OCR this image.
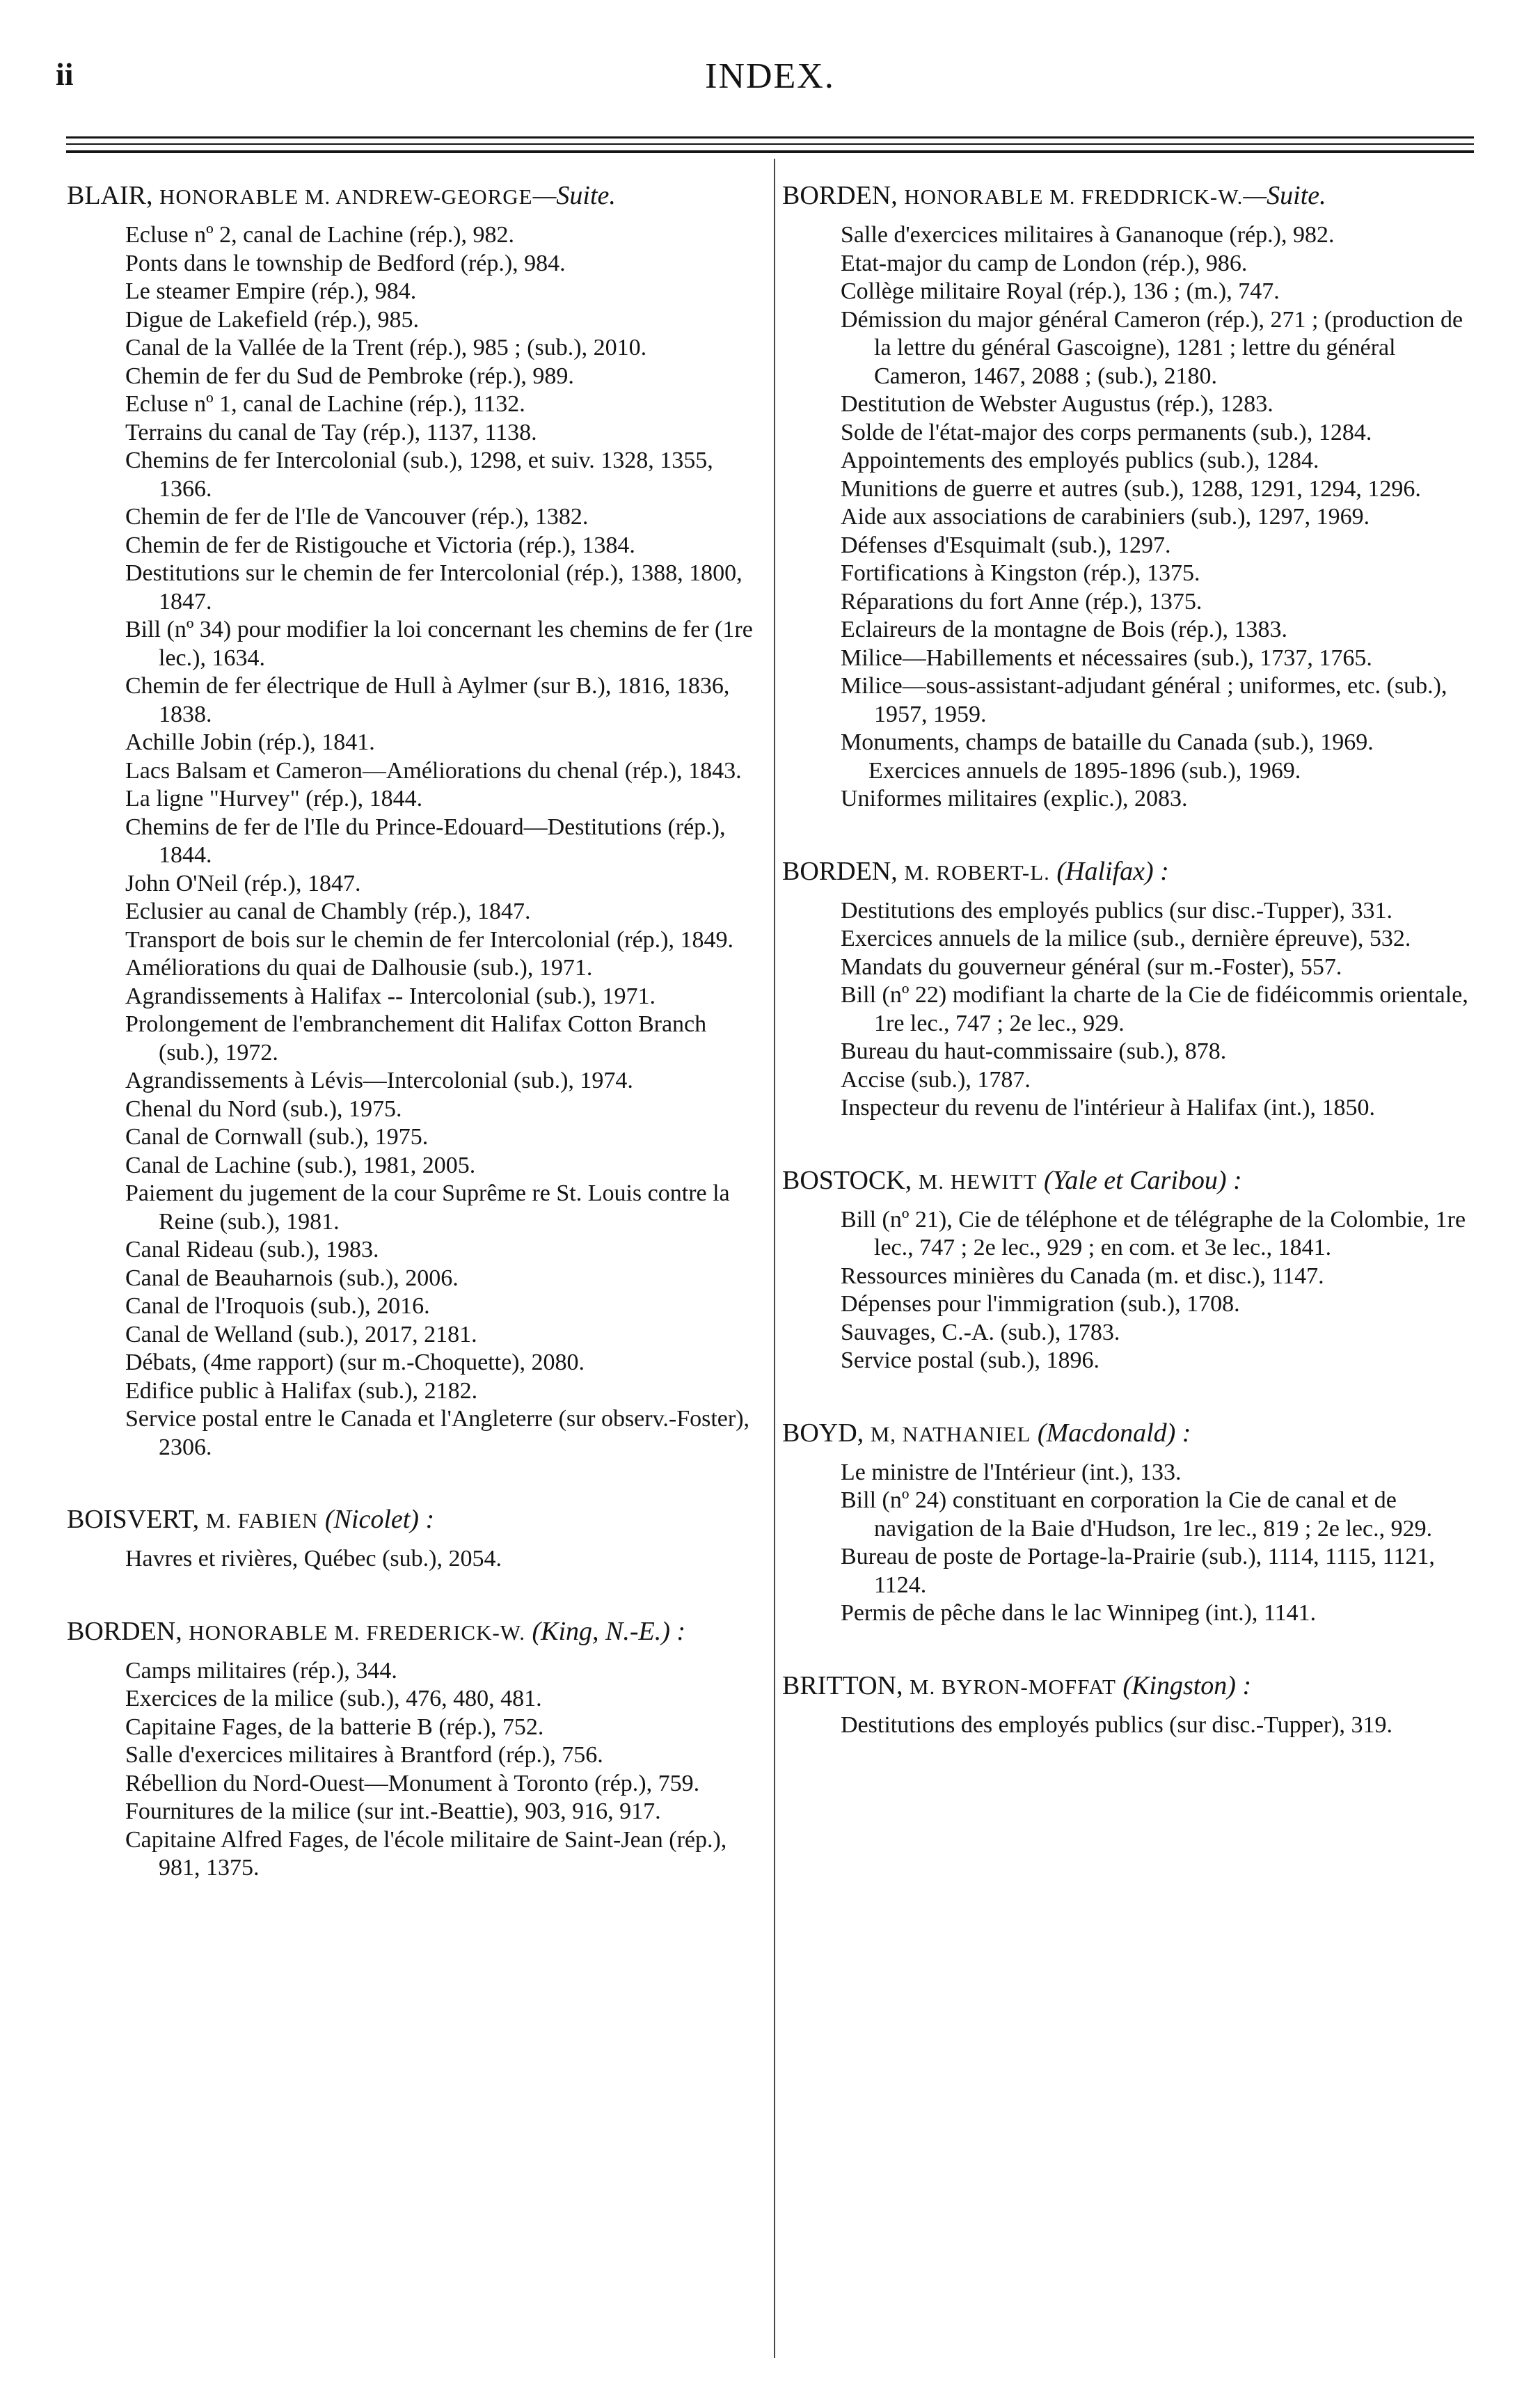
ii	INDEX.
BLAIR, HONORABLE M. ANDREW-GEORGE—Suite.
Ecluse nº 2, canal de Lachine (rép.), 982.
Ponts dans le township de Bedford (rép.), 984.
Le steamer Empire (rép.), 984.
Digue de Lakefield (rép.), 985.
Canal de la Vallée de la Trent (rép.), 985 ; (sub.), 2010.
Chemin de fer du Sud de Pembroke (rép.), 989.
Ecluse nº 1, canal de Lachine (rép.), 1132.
Terrains du canal de Tay (rép.), 1137, 1138.
Chemins de fer Intercolonial (sub.), 1298, et suiv. 1328, 1355, 1366.
Chemin de fer de l'Ile de Vancouver (rép.), 1382.
Chemin de fer de Ristigouche et Victoria (rép.), 1384.
Destitutions sur le chemin de fer Intercolonial (rép.), 1388, 1800, 1847.
Bill (nº 34) pour modifier la loi concernant les chemins de fer (1re lec.), 1634.
Chemin de fer électrique de Hull à Aylmer (sur B.), 1816, 1836, 1838.
Achille Jobin (rép.), 1841.
Lacs Balsam et Cameron—Améliorations du chenal (rép.), 1843.
La ligne "Hurvey" (rép.), 1844.
Chemins de fer de l'Ile du Prince-Edouard—Destitutions (rép.), 1844.
John O'Neil (rép.), 1847.
Eclusier au canal de Chambly (rép.), 1847.
Transport de bois sur le chemin de fer Intercolonial (rép.), 1849.
Améliorations du quai de Dalhousie (sub.), 1971.
Agrandissements à Halifax -- Intercolonial (sub.), 1971.
Prolongement de l'embranchement dit Halifax Cotton Branch (sub.), 1972.
Agrandissements à Lévis—Intercolonial (sub.), 1974.
Chenal du Nord (sub.), 1975.
Canal de Cornwall (sub.), 1975.
Canal de Lachine (sub.), 1981, 2005.
Paiement du jugement de la cour Suprême re St. Louis contre la Reine (sub.), 1981.
Canal Rideau (sub.), 1983.
Canal de Beauharnois (sub.), 2006.
Canal de l'Iroquois (sub.), 2016.
Canal de Welland (sub.), 2017, 2181.
Débats, (4me rapport) (sur m.-Choquette), 2080.
Edifice public à Halifax (sub.), 2182.
Service postal entre le Canada et l'Angleterre (sur observ.-Foster), 2306.
BOISVERT, M. FABIEN (Nicolet) :
Havres et rivières, Québec (sub.), 2054.
BORDEN, HONORABLE M. FREDERICK-W. (King, N.-E.) :
Camps militaires (rép.), 344.
Exercices de la milice (sub.), 476, 480, 481.
Capitaine Fages, de la batterie B (rép.), 752.
Salle d'exercices militaires à Brantford (rép.), 756.
Rébellion du Nord-Ouest—Monument à Toronto (rép.), 759.
Fournitures de la milice (sur int.-Beattie), 903, 916, 917.
Capitaine Alfred Fages, de l'école militaire de Saint-Jean (rép.), 981, 1375.
BORDEN, HONORABLE M. FREDDRICK-W.—Suite.
Salle d'exercices militaires à Gananoque (rép.), 982.
Etat-major du camp de London (rép.), 986.
Collège militaire Royal (rép.), 136 ; (m.), 747.
Démission du major général Cameron (rép.), 271 ; (production de la lettre du général Gascoigne), 1281 ; lettre du général Cameron, 1467, 2088 ; (sub.), 2180.
Destitution de Webster Augustus (rép.), 1283.
Solde de l'état-major des corps permanents (sub.), 1284.
Appointements des employés publics (sub.), 1284.
Munitions de guerre et autres (sub.), 1288, 1291, 1294, 1296.
Aide aux associations de carabiniers (sub.), 1297, 1969.
Défenses d'Esquimalt (sub.), 1297.
Fortifications à Kingston (rép.), 1375.
Réparations du fort Anne (rép.), 1375.
Eclaireurs de la montagne de Bois (rép.), 1383.
Milice—Habillements et nécessaires (sub.), 1737, 1765.
Milice—sous-assistant-adjudant général ; uniformes, etc. (sub.), 1957, 1959.
Monuments, champs de bataille du Canada (sub.), 1969.
Exercices annuels de 1895-1896 (sub.), 1969.
Uniformes militaires (explic.), 2083.
BORDEN, M. ROBERT-L. (Halifax) :
Destitutions des employés publics (sur disc.-Tupper), 331.
Exercices annuels de la milice (sub., dernière épreuve), 532.
Mandats du gouverneur général (sur m.-Foster), 557.
Bill (nº 22) modifiant la charte de la Cie de fidéicommis orientale, 1re lec., 747 ; 2e lec., 929.
Bureau du haut-commissaire (sub.), 878.
Accise (sub.), 1787.
Inspecteur du revenu de l'intérieur à Halifax (int.), 1850.
BOSTOCK, M. HEWITT (Yale et Caribou) :
Bill (nº 21), Cie de téléphone et de télégraphe de la Colombie, 1re lec., 747 ; 2e lec., 929 ; en com. et 3e lec., 1841.
Ressources minières du Canada (m. et disc.), 1147.
Dépenses pour l'immigration (sub.), 1708.
Sauvages, C.-A. (sub.), 1783.
Service postal (sub.), 1896.
BOYD, M, NATHANIEL (Macdonald) :
Le ministre de l'Intérieur (int.), 133.
Bill (nº 24) constituant en corporation la Cie de canal et de navigation de la Baie d'Hudson, 1re lec., 819 ; 2e lec., 929.
Bureau de poste de Portage-la-Prairie (sub.), 1114, 1115, 1121, 1124.
Permis de pêche dans le lac Winnipeg (int.), 1141.
BRITTON, M. BYRON-MOFFAT (Kingston) :
Destitutions des employés publics (sur disc.-Tupper), 319.
